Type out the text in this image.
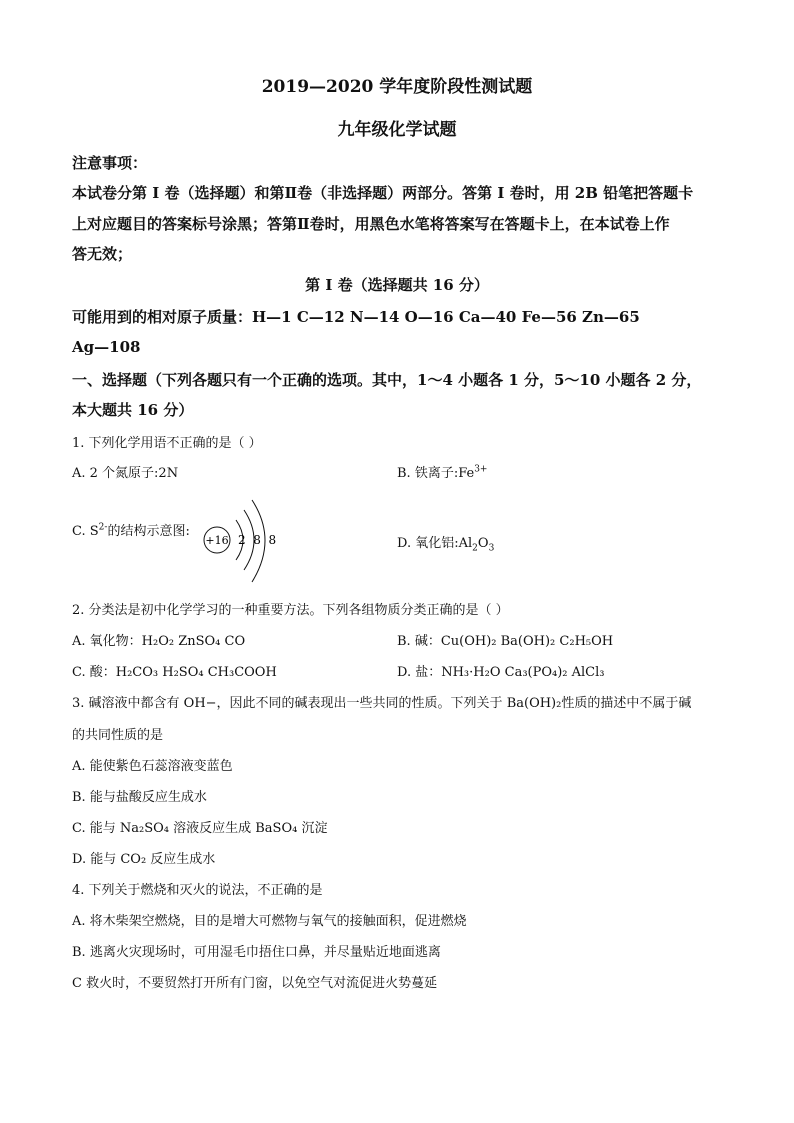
2019—2020 学年度阶段性测试题
九年级化学试题
注意事项：
本试卷分第 I 卷（选择题）和第Ⅱ卷（非选择题）两部分。答第 I 卷时，用 2B 铅笔把答题卡
上对应题目的答案标号涂黑；答第Ⅱ卷时，用黑色水笔将答案写在答题卡上，在本试卷上作
答无效；
第 I 卷（选择题共 16 分）
可能用到的相对原子质量：H—1 C—12 N—14 O—16 Ca—40 Fe—56 Zn—65
Ag—108
一、选择题（下列各题只有一个正确的选项。其中，1～4 小题各 1 分，5～10 小题各 2 分，
本大题共 16 分）
1. 下列化学用语不正确的是（ ）
A. 2 个氮原子:2N	B. 铁离子$:Fe^{3+}$
C. $S^{2-}$的结构示意图:
+16 2  8  8	D. 氧化铝$:Al_2O_3$
2. 分类法是初中化学学习的一种重要方法。下列各组物质分类正确的是（ ）
A. 氧化物：H₂O₂ ZnSO₄ CO	B. 碱：Cu(OH)₂ Ba(OH)₂ C₂H₅OH
C. 酸：H₂CO₃ H₂SO₄ CH₃COOH	D. 盐：NH₃·H₂O Ca₃(PO₄)₂ AlCl₃
3. 碱溶液中都含有 OH−，因此不同的碱表现出一些共同的性质。下列关于 Ba(OH)₂性质的描述中不属于碱
的共同性质的是
A. 能使紫色石蕊溶液变蓝色
B. 能与盐酸反应生成水
C. 能与 Na₂SO₄ 溶液反应生成 BaSO₄ 沉淀
D. 能与 CO₂ 反应生成水
4. 下列关于燃烧和灭火的说法，不正确的是
A. 将木柴架空燃烧，目的是增大可燃物与氧气的接触面积，促进燃烧
B. 逃离火灾现场时，可用湿毛巾捂住口鼻，并尽量贴近地面逃离
C 救火时，不要贸然打开所有门窗，以免空气对流促进火势蔓延
